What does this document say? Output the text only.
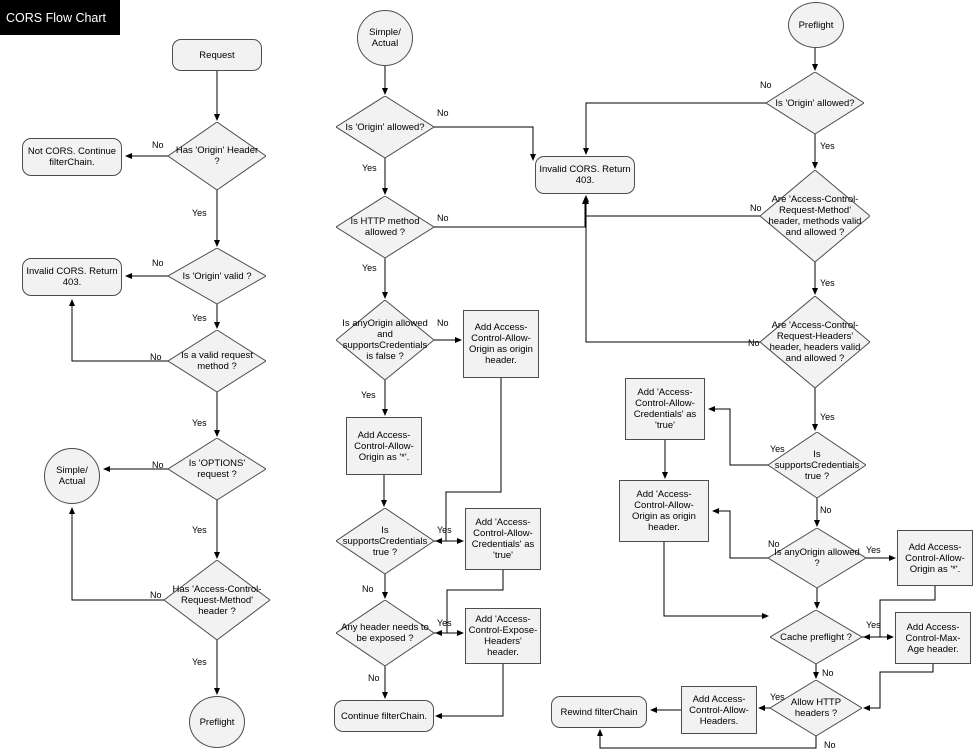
CORS Flow Chart
Request
Has 'Origin' Header ?
Not CORS. Continue filterChain.
Is 'Origin' valid ?
Invalid CORS. Return 403.
Is a valid request method ?
Is 'OPTIONS' request ?
Simple/ Actual
Has 'Access-Control-Request-Method' header ?
Preflight
Simple/ Actual
Is 'Origin' allowed?
Invalid CORS. Return 403.
Is HTTP method allowed ?
Is anyOrigin allowed and supportsCredentials is false ?
Add Access-Control-Allow-Origin as origin header.
Add Access-Control-Allow-Origin as '*'.
Is supportsCredentials true ?
Add 'Access-Control-Allow-Credentials' as 'true'
Any header needs to be exposed ?
Add 'Access-Control-Expose-Headers' header.
Continue filterChain.
Preflight
Is 'Origin' allowed?
Are 'Access-Control-Request-Method' header, methods valid and allowed ?
Are 'Access-Control-Request-Headers' header, headers valid and allowed ?
Is supportsCredentials true ?
Add 'Access-Control-Allow-Credentials' as 'true'
Add 'Access-Control-Allow-Origin as origin header.
Is anyOrigin allowed ?
Add Access-Control-Allow-Origin as '*'.
Cache preflight ?
Add Access-Control-Max-Age header.
Allow HTTP headers ?
Add Access-Control-Allow-Headers.
Rewind filterChain
No
Yes
No
Yes
No
Yes
No
Yes
No
Yes
No
Yes
No
Yes
No
Yes
Yes
No
Yes
No
No
Yes
No
Yes
No
Yes
Yes
No
No
Yes
Yes
No
Yes
No
